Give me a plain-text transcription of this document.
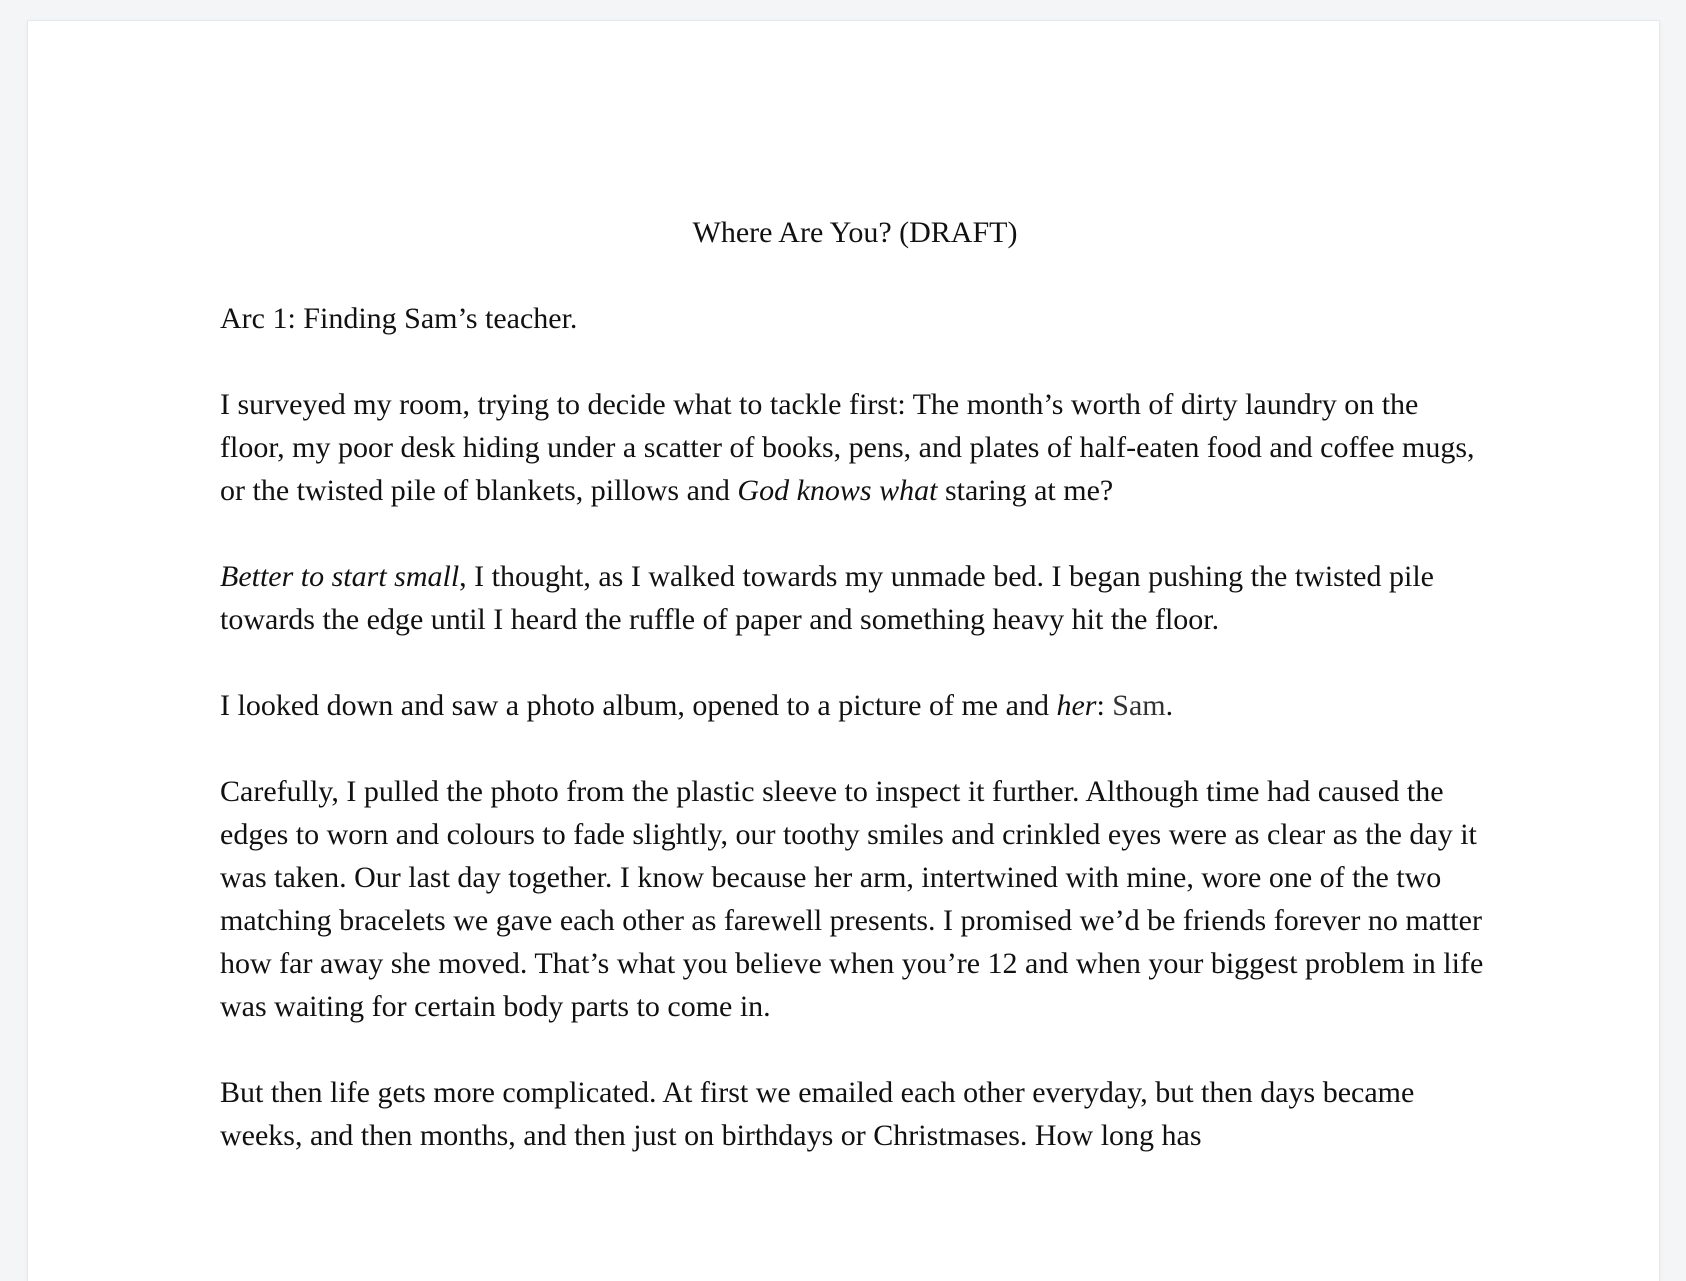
Where Are You? (DRAFT)

Arc 1: Finding Sam’s teacher.

I surveyed my room, trying to decide what to tackle first: The month’s worth of dirty laundry on the floor, my poor desk hiding under a scatter of books, pens, and plates of half-eaten food and coffee mugs, or the twisted pile of blankets, pillows and God knows what staring at me?

Better to start small, I thought, as I walked towards my unmade bed. I began pushing the twisted pile towards the edge until I heard the ruffle of paper and something heavy hit the floor.

I looked down and saw a photo album, opened to a picture of me and her: Sam.

Carefully, I pulled the photo from the plastic sleeve to inspect it further. Although time had caused the edges to worn and colours to fade slightly, our toothy smiles and crinkled eyes were as clear as the day it was taken. Our last day together. I know because her arm, intertwined with mine, wore one of the two matching bracelets we gave each other as farewell presents. I promised we’d be friends forever no matter how far away she moved. That’s what you believe when you’re 12 and when your biggest problem in life was waiting for certain body parts to come in.

But then life gets more complicated. At first we emailed each other everyday, but then days became weeks, and then months, and then just on birthdays or Christmases. How long has
